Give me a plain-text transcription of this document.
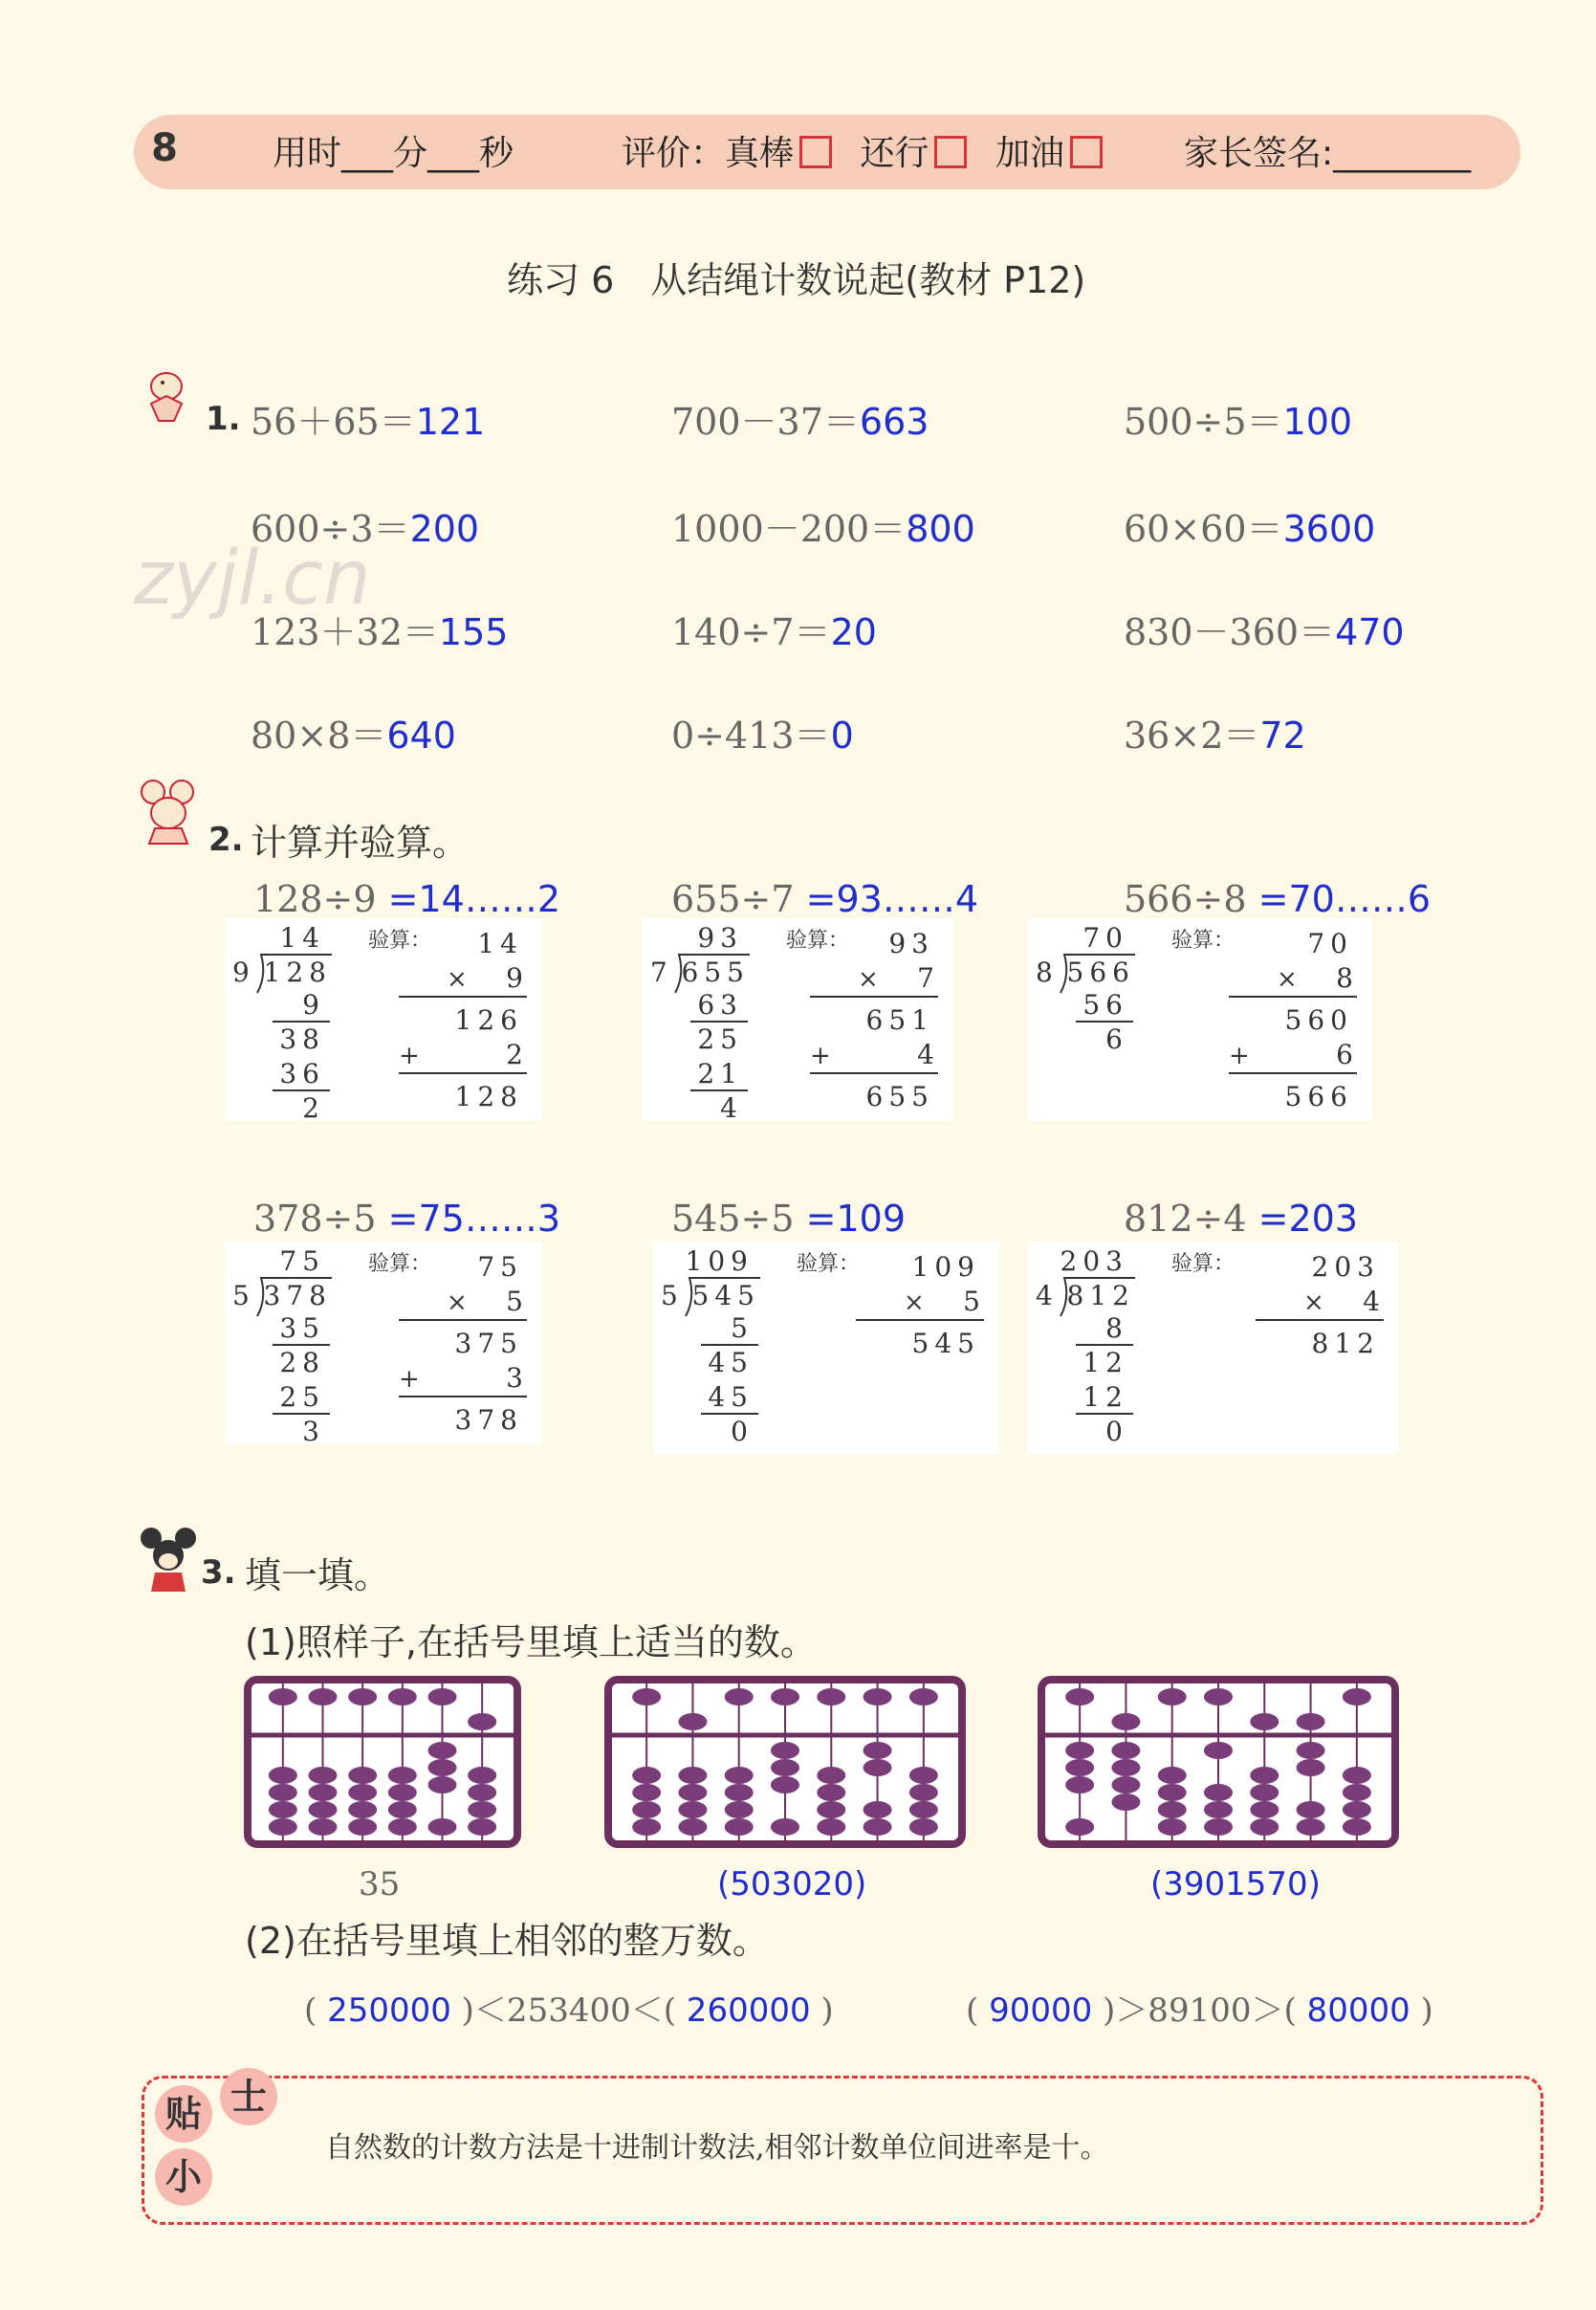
8	用时___分___秒	评价：真棒 还行 加油	家长签名:________
练习 6　从结绳计数说起(教材 P12)
zyjl.cn
1.
2. 计算并验算。
3. 填一填。
(1)照样子,在括号里填上适当的数。
(2)在括号里填上相邻的整万数。
贴 士
小
自然数的计数方法是十进制计数法,相邻计数单位间进率是十。
56＋65＝121	700－37＝663	500÷5＝100
600÷3＝200	1000－200＝800	60×60＝3600
123＋32＝155	140÷7＝20	830－360＝470
80×8＝640	0÷413＝0	36×2＝72
128÷9 =14……2
14
9 128
9
38
36
2
验算： 14
× 9
126
+	2
128
655÷7 =93……4
93
7 655
63
25
21
4
验算： 93
× 7
651
+	4
655
566÷8 =70……6
70
8 566
56
6
验算：	70
× 8
560
+	6
566
378÷5 =75……3
75
5 378
35
28
25
3
验算： 75
× 5
375
+	3
378
545÷5 =109
109
5 545
5
45
45
0
验算： 109
× 5
545
812÷4 =203
203
4 812
8
12
12
0
验算：	203
× 4
812
35	(503020)	(3901570)
( 250000 )＜253400＜( 260000 )	( 90000 )＞89100＞( 80000 )
